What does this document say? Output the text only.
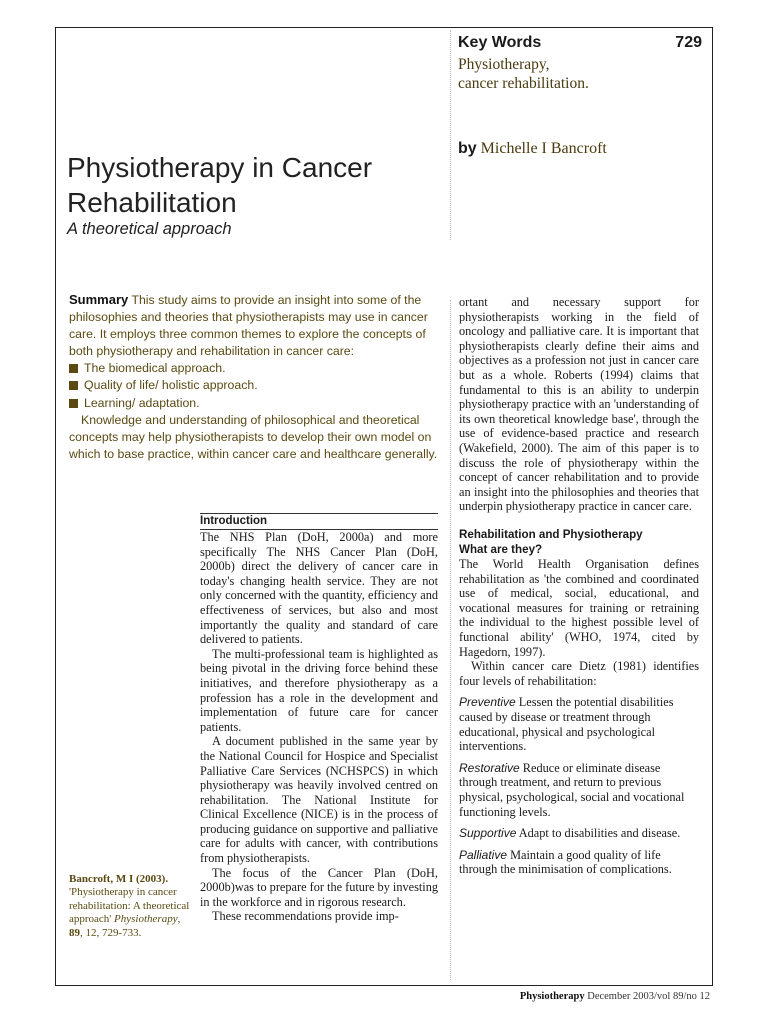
Key Words	729
Physiotherapy,
cancer rehabilitation.
by Michelle I Bancroft
Physiotherapy in Cancer
Rehabilitation
A theoretical approach
Summary This study aims to provide an insight into some of the philosophies and theories that physiotherapists may use in cancer care. It employs three common themes to explore the concepts of both physiotherapy and rehabilitation in cancer care:
The biomedical approach.
Quality of life/ holistic approach.
Learning/ adaptation.
Knowledge and understanding of philosophical and theoretical concepts may help physiotherapists to develop their own model on which to base practice, within cancer care and healthcare generally.
Introduction

The NHS Plan (DoH, 2000a) and more specifically The NHS Cancer Plan (DoH, 2000b) direct the delivery of cancer care in today's changing health service. They are not only concerned with the quantity, efficiency and effectiveness of services, but also and most importantly the quality and standard of care delivered to patients.

The multi-professional team is highlighted as being pivotal in the driving force behind these initiatives, and therefore physiotherapy as a profession has a role in the development and implementation of future care for cancer patients.

A document published in the same year by the National Council for Hospice and Specialist Palliative Care Services (NCHSPCS) in which physiotherapy was heavily involved centred on rehabilitation. The National Institute for Clinical Excellence (NICE) is in the process of producing guidance on supportive and palliative care for adults with cancer, with contributions from physiotherapists.

The focus of the Cancer Plan (DoH, 2000b)was to prepare for the future by investing in the workforce and in rigorous research.

These recommendations provide imp-

ortant and necessary support for physiotherapists working in the field of oncology and palliative care. It is important that physiotherapists clearly define their aims and objectives as a profession not just in cancer care but as a whole. Roberts (1994) claims that fundamental to this is an ability to underpin physiotherapy practice with an 'understanding of its own theoretical knowledge base', through the use of evidence-based practice and research (Wakefield, 2000). The aim of this paper is to discuss the role of physiotherapy within the concept of cancer rehabilitation and to provide an insight into the philosophies and theories that underpin physiotherapy practice in cancer care.

Rehabilitation and Physiotherapy
What are they?

The World Health Organisation defines rehabilitation as 'the combined and coordinated use of medical, social, educational, and vocational measures for training or retraining the individual to the highest possible level of functional ability' (WHO, 1974, cited by Hagedorn, 1997).

Within cancer care Dietz (1981) identifies four levels of rehabilitation:

Preventive Lessen the potential disabilities caused by disease or treatment through educational, physical and psychological interventions.

Restorative Reduce or eliminate disease through treatment, and return to previous physical, psychological, social and vocational functioning levels.

Supportive Adapt to disabilities and disease.

Palliative Maintain a good quality of life through the minimisation of complications.

Bancroft, M I (2003). 'Physiotherapy in cancer rehabilitation: A theoretical approach' Physiotherapy, 89, 12, 729-733.
Physiotherapy December 2003/vol 89/no 12
